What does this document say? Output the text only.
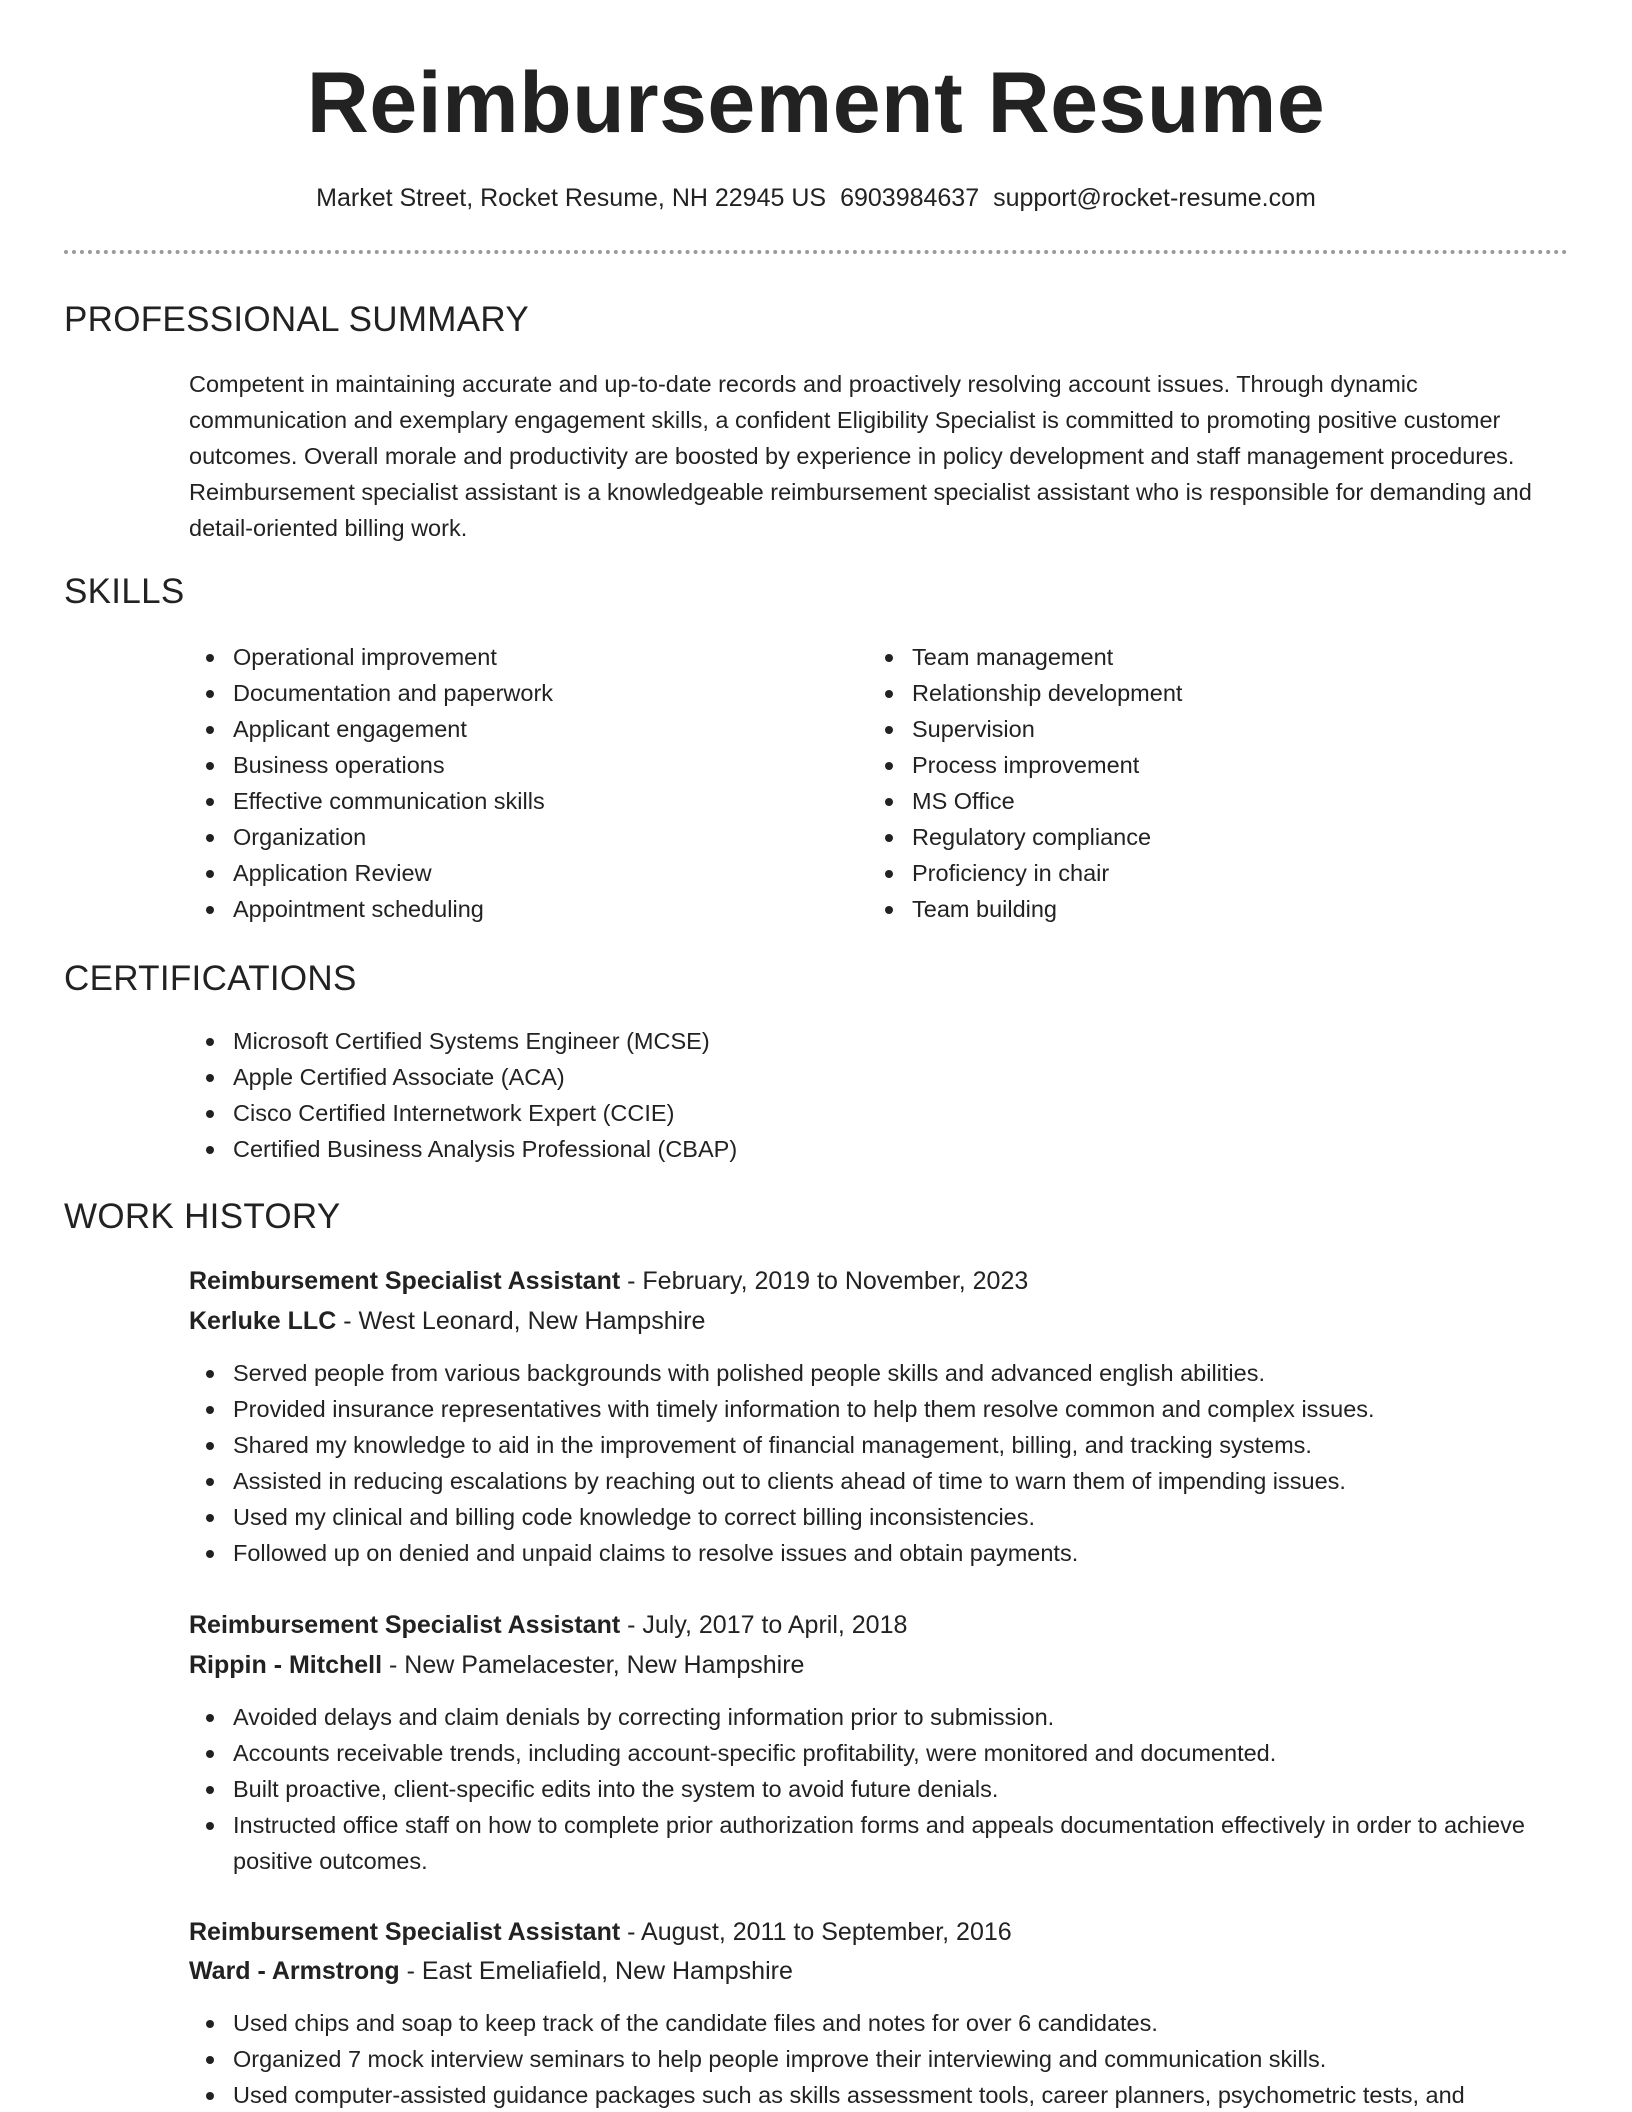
Reimbursement Resume
Market Street, Rocket Resume, NH 22945 US 6903984637 support@rocket-resume.com
PROFESSIONAL SUMMARY
Competent in maintaining accurate and up-to-date records and proactively resolving account issues. Through dynamic communication and exemplary engagement skills, a confident Eligibility Specialist is committed to promoting positive customer outcomes. Overall morale and productivity are boosted by experience in policy development and staff management procedures. Reimbursement specialist assistant is a knowledgeable reimbursement specialist assistant who is responsible for demanding and detail-oriented billing work.
SKILLS
Operational improvement
Documentation and paperwork
Applicant engagement
Business operations
Effective communication skills
Organization
Application Review
Appointment scheduling
Team management
Relationship development
Supervision
Process improvement
MS Office
Regulatory compliance
Proficiency in chair
Team building
CERTIFICATIONS
Microsoft Certified Systems Engineer (MCSE)
Apple Certified Associate (ACA)
Cisco Certified Internetwork Expert (CCIE)
Certified Business Analysis Professional (CBAP)
WORK HISTORY
Reimbursement Specialist Assistant - February, 2019 to November, 2023
Kerluke LLC - West Leonard, New Hampshire
Served people from various backgrounds with polished people skills and advanced english abilities.
Provided insurance representatives with timely information to help them resolve common and complex issues.
Shared my knowledge to aid in the improvement of financial management, billing, and tracking systems.
Assisted in reducing escalations by reaching out to clients ahead of time to warn them of impending issues.
Used my clinical and billing code knowledge to correct billing inconsistencies.
Followed up on denied and unpaid claims to resolve issues and obtain payments.
Reimbursement Specialist Assistant - July, 2017 to April, 2018
Rippin - Mitchell - New Pamelacester, New Hampshire
Avoided delays and claim denials by correcting information prior to submission.
Accounts receivable trends, including account-specific profitability, were monitored and documented.
Built proactive, client-specific edits into the system to avoid future denials.
Instructed office staff on how to complete prior authorization forms and appeals documentation effectively in order to achieve positive outcomes.
Reimbursement Specialist Assistant - August, 2011 to September, 2016
Ward - Armstrong - East Emeliafield, New Hampshire
Used chips and soap to keep track of the candidate files and notes for over 6 candidates.
Organized 7 mock interview seminars to help people improve their interviewing and communication skills.
Used computer-assisted guidance packages such as skills assessment tools, career planners, psychometric tests, and
